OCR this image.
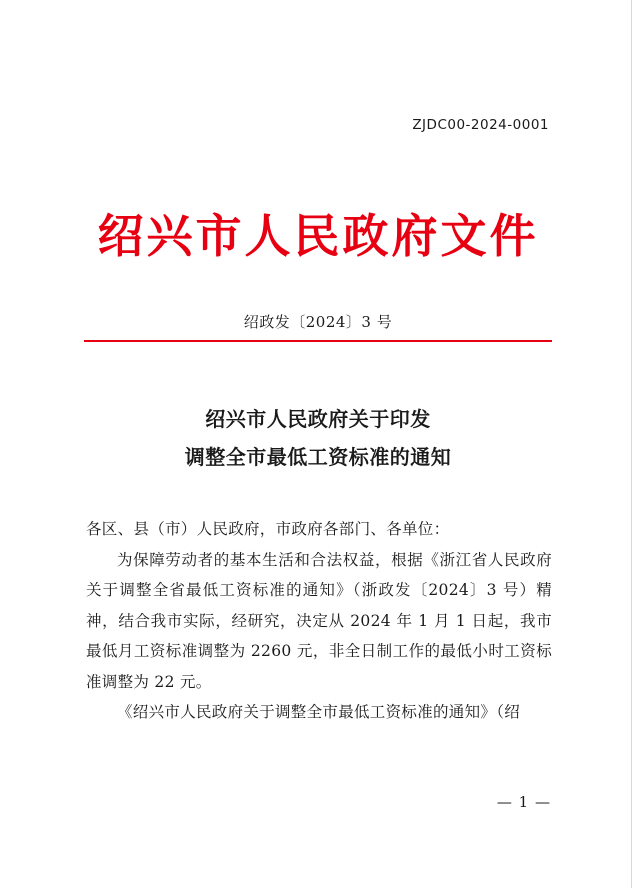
ZJDC00-2024-0001
绍兴市人民政府文件
绍政发〔2024〕3 号
绍兴市人民政府关于印发
调整全市最低工资标准的通知

各区、县（市）人民政府，市政府各部门、各单位：

为保障劳动者的基本生活和合法权益，根据《浙江省人民政府关于调整全省最低工资标准的通知》（浙政发〔2024〕3 号）精神，结合我市实际，经研究，决定从 2024 年 1 月 1 日起，我市最低月工资标准调整为 2260 元，非全日制工作的最低小时工资标准调整为 22 元。

《绍兴市人民政府关于调整全市最低工资标准的通知》（绍

— 1 —
